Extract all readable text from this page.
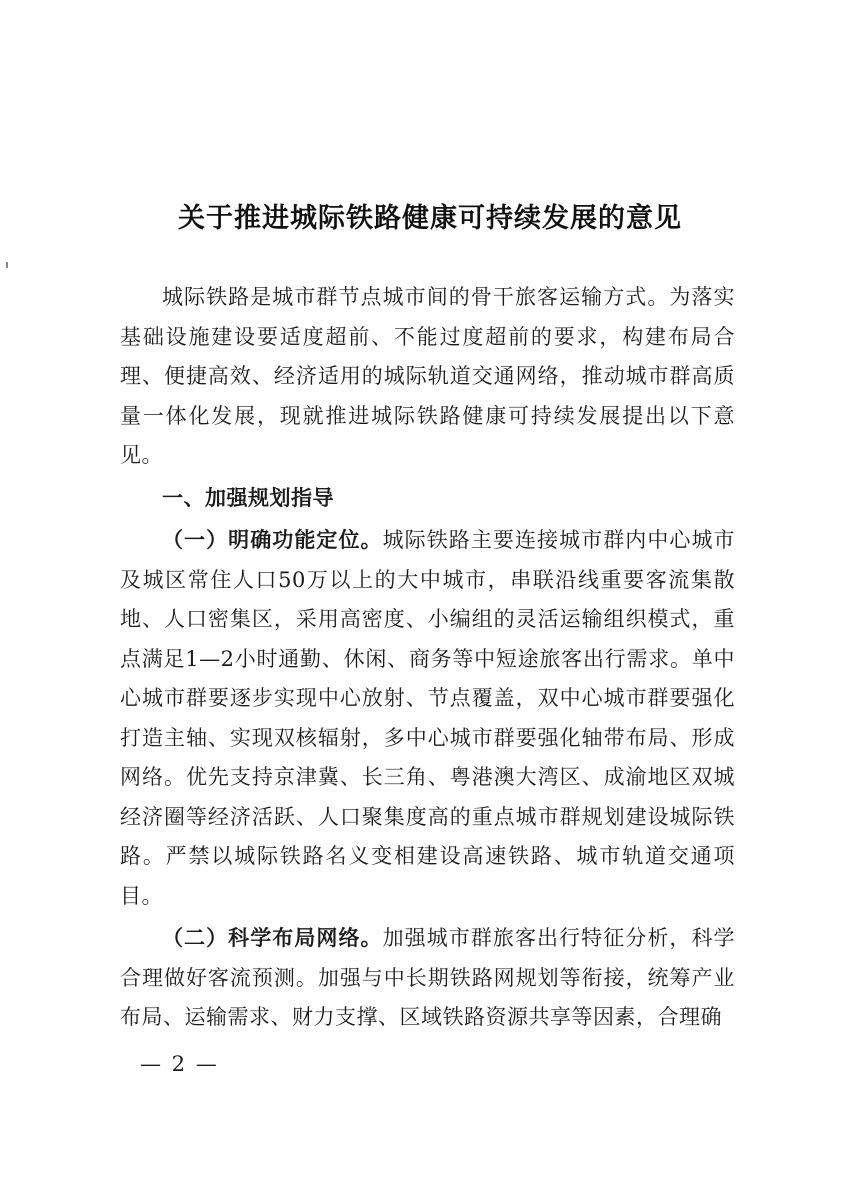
关于推进城际铁路健康可持续发展的意见

城际铁路是城市群节点城市间的骨干旅客运输方式。为落实基础设施建设要适度超前、不能过度超前的要求，构建布局合理、便捷高效、经济适用的城际轨道交通网络，推动城市群高质量一体化发展，现就推进城际铁路健康可持续发展提出以下意见。

一、加强规划指导

（一）明确功能定位。城际铁路主要连接城市群内中心城市及城区常住人口50万以上的大中城市，串联沿线重要客流集散地、人口密集区，采用高密度、小编组的灵活运输组织模式，重点满足1—2小时通勤、休闲、商务等中短途旅客出行需求。单中心城市群要逐步实现中心放射、节点覆盖，双中心城市群要强化打造主轴、实现双核辐射，多中心城市群要强化轴带布局、形成网络。优先支持京津冀、长三角、粤港澳大湾区、成渝地区双城经济圈等经济活跃、人口聚集度高的重点城市群规划建设城际铁路。严禁以城际铁路名义变相建设高速铁路、城市轨道交通项目。

（二）科学布局网络。加强城市群旅客出行特征分析，科学合理做好客流预测。加强与中长期铁路网规划等衔接，统筹产业布局、运输需求、财力支撑、区域铁路资源共享等因素，合理确

— 2 —
